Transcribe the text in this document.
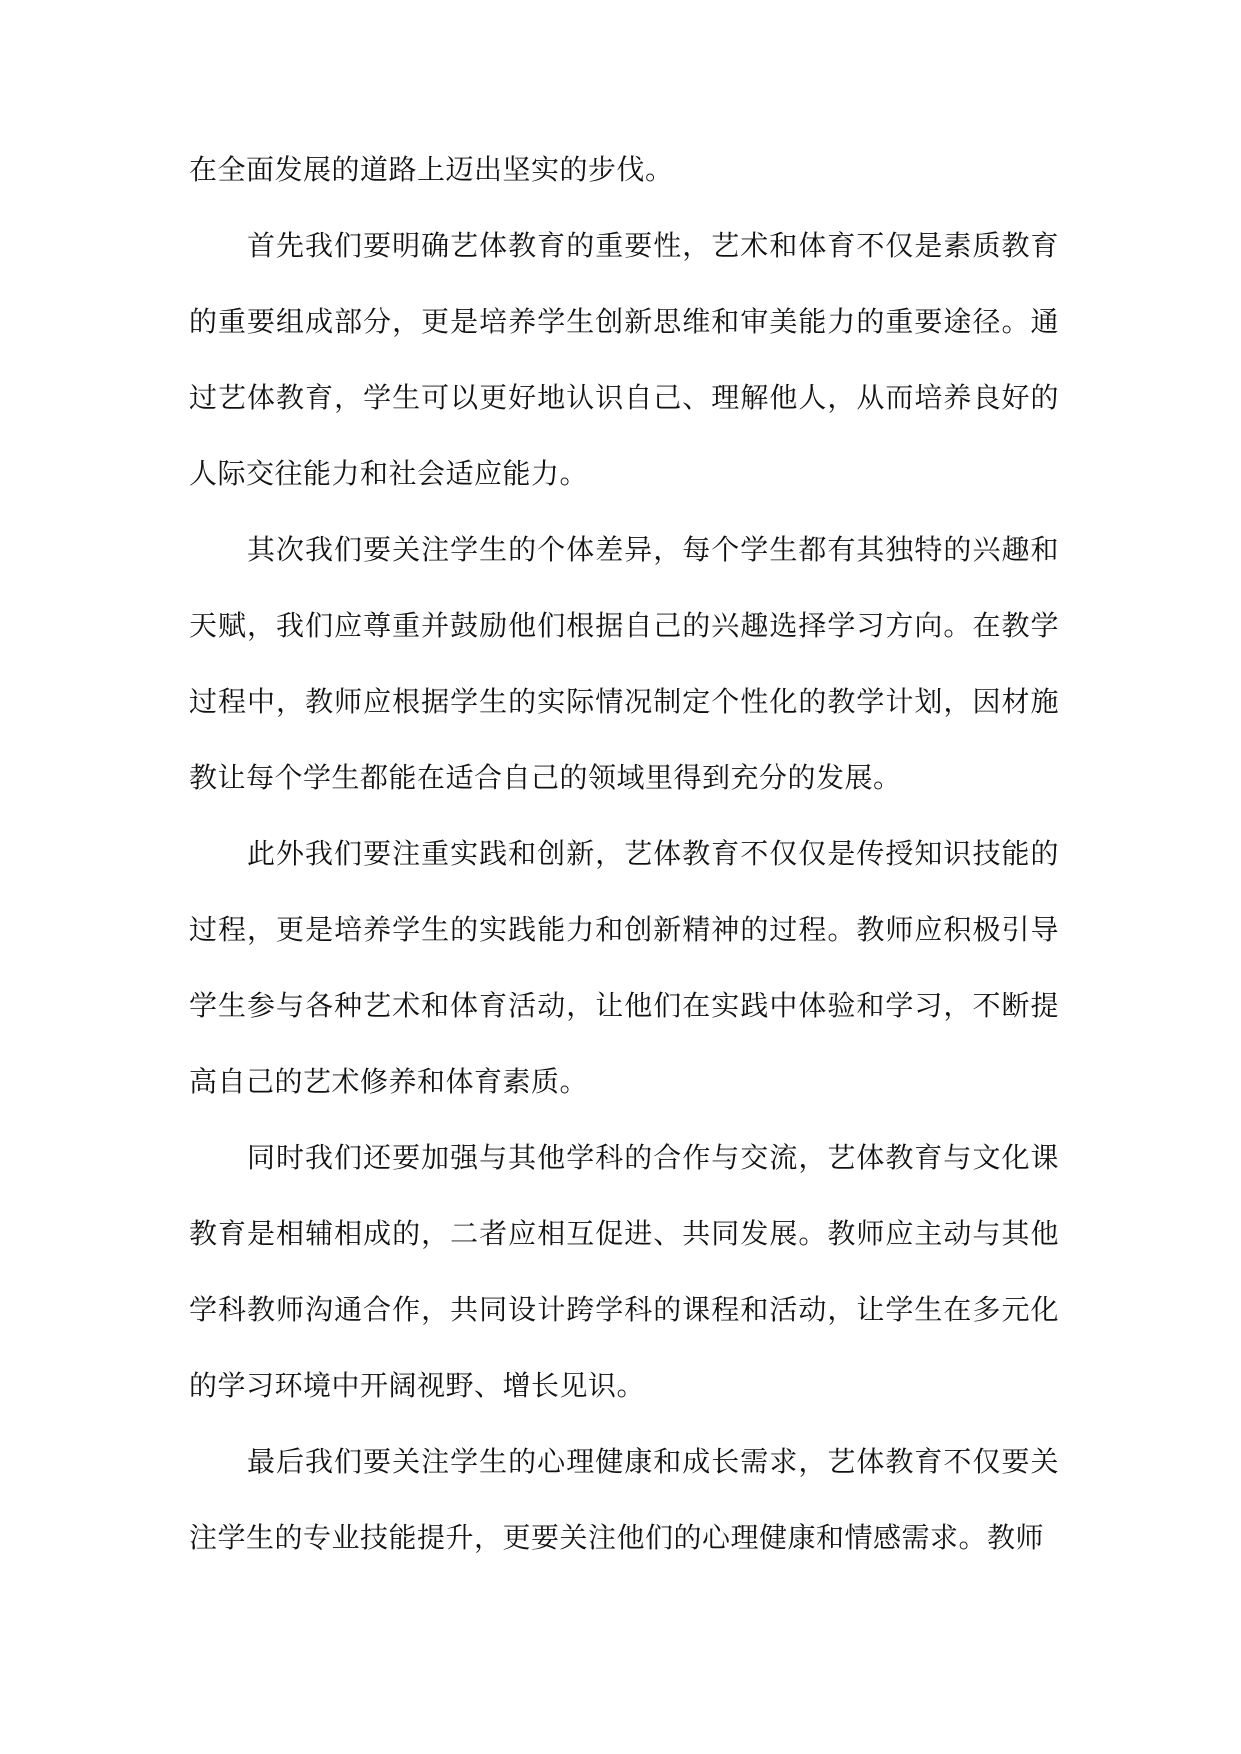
在全面发展的道路上迈出坚实的步伐。

首先我们要明确艺体教育的重要性，艺术和体育不仅是素质教育的重要组成部分，更是培养学生创新思维和审美能力的重要途径。通过艺体教育，学生可以更好地认识自己、理解他人，从而培养良好的人际交往能力和社会适应能力。

其次我们要关注学生的个体差异，每个学生都有其独特的兴趣和天赋，我们应尊重并鼓励他们根据自己的兴趣选择学习方向。在教学过程中，教师应根据学生的实际情况制定个性化的教学计划，因材施教让每个学生都能在适合自己的领域里得到充分的发展。

此外我们要注重实践和创新，艺体教育不仅仅是传授知识技能的过程，更是培养学生的实践能力和创新精神的过程。教师应积极引导学生参与各种艺术和体育活动，让他们在实践中体验和学习，不断提高自己的艺术修养和体育素质。

同时我们还要加强与其他学科的合作与交流，艺体教育与文化课教育是相辅相成的，二者应相互促进、共同发展。教师应主动与其他学科教师沟通合作，共同设计跨学科的课程和活动，让学生在多元化的学习环境中开阔视野、增长见识。

最后我们要关注学生的心理健康和成长需求，艺体教育不仅要关注学生的专业技能提升，更要关注他们的心理健康和情感需求。教师
